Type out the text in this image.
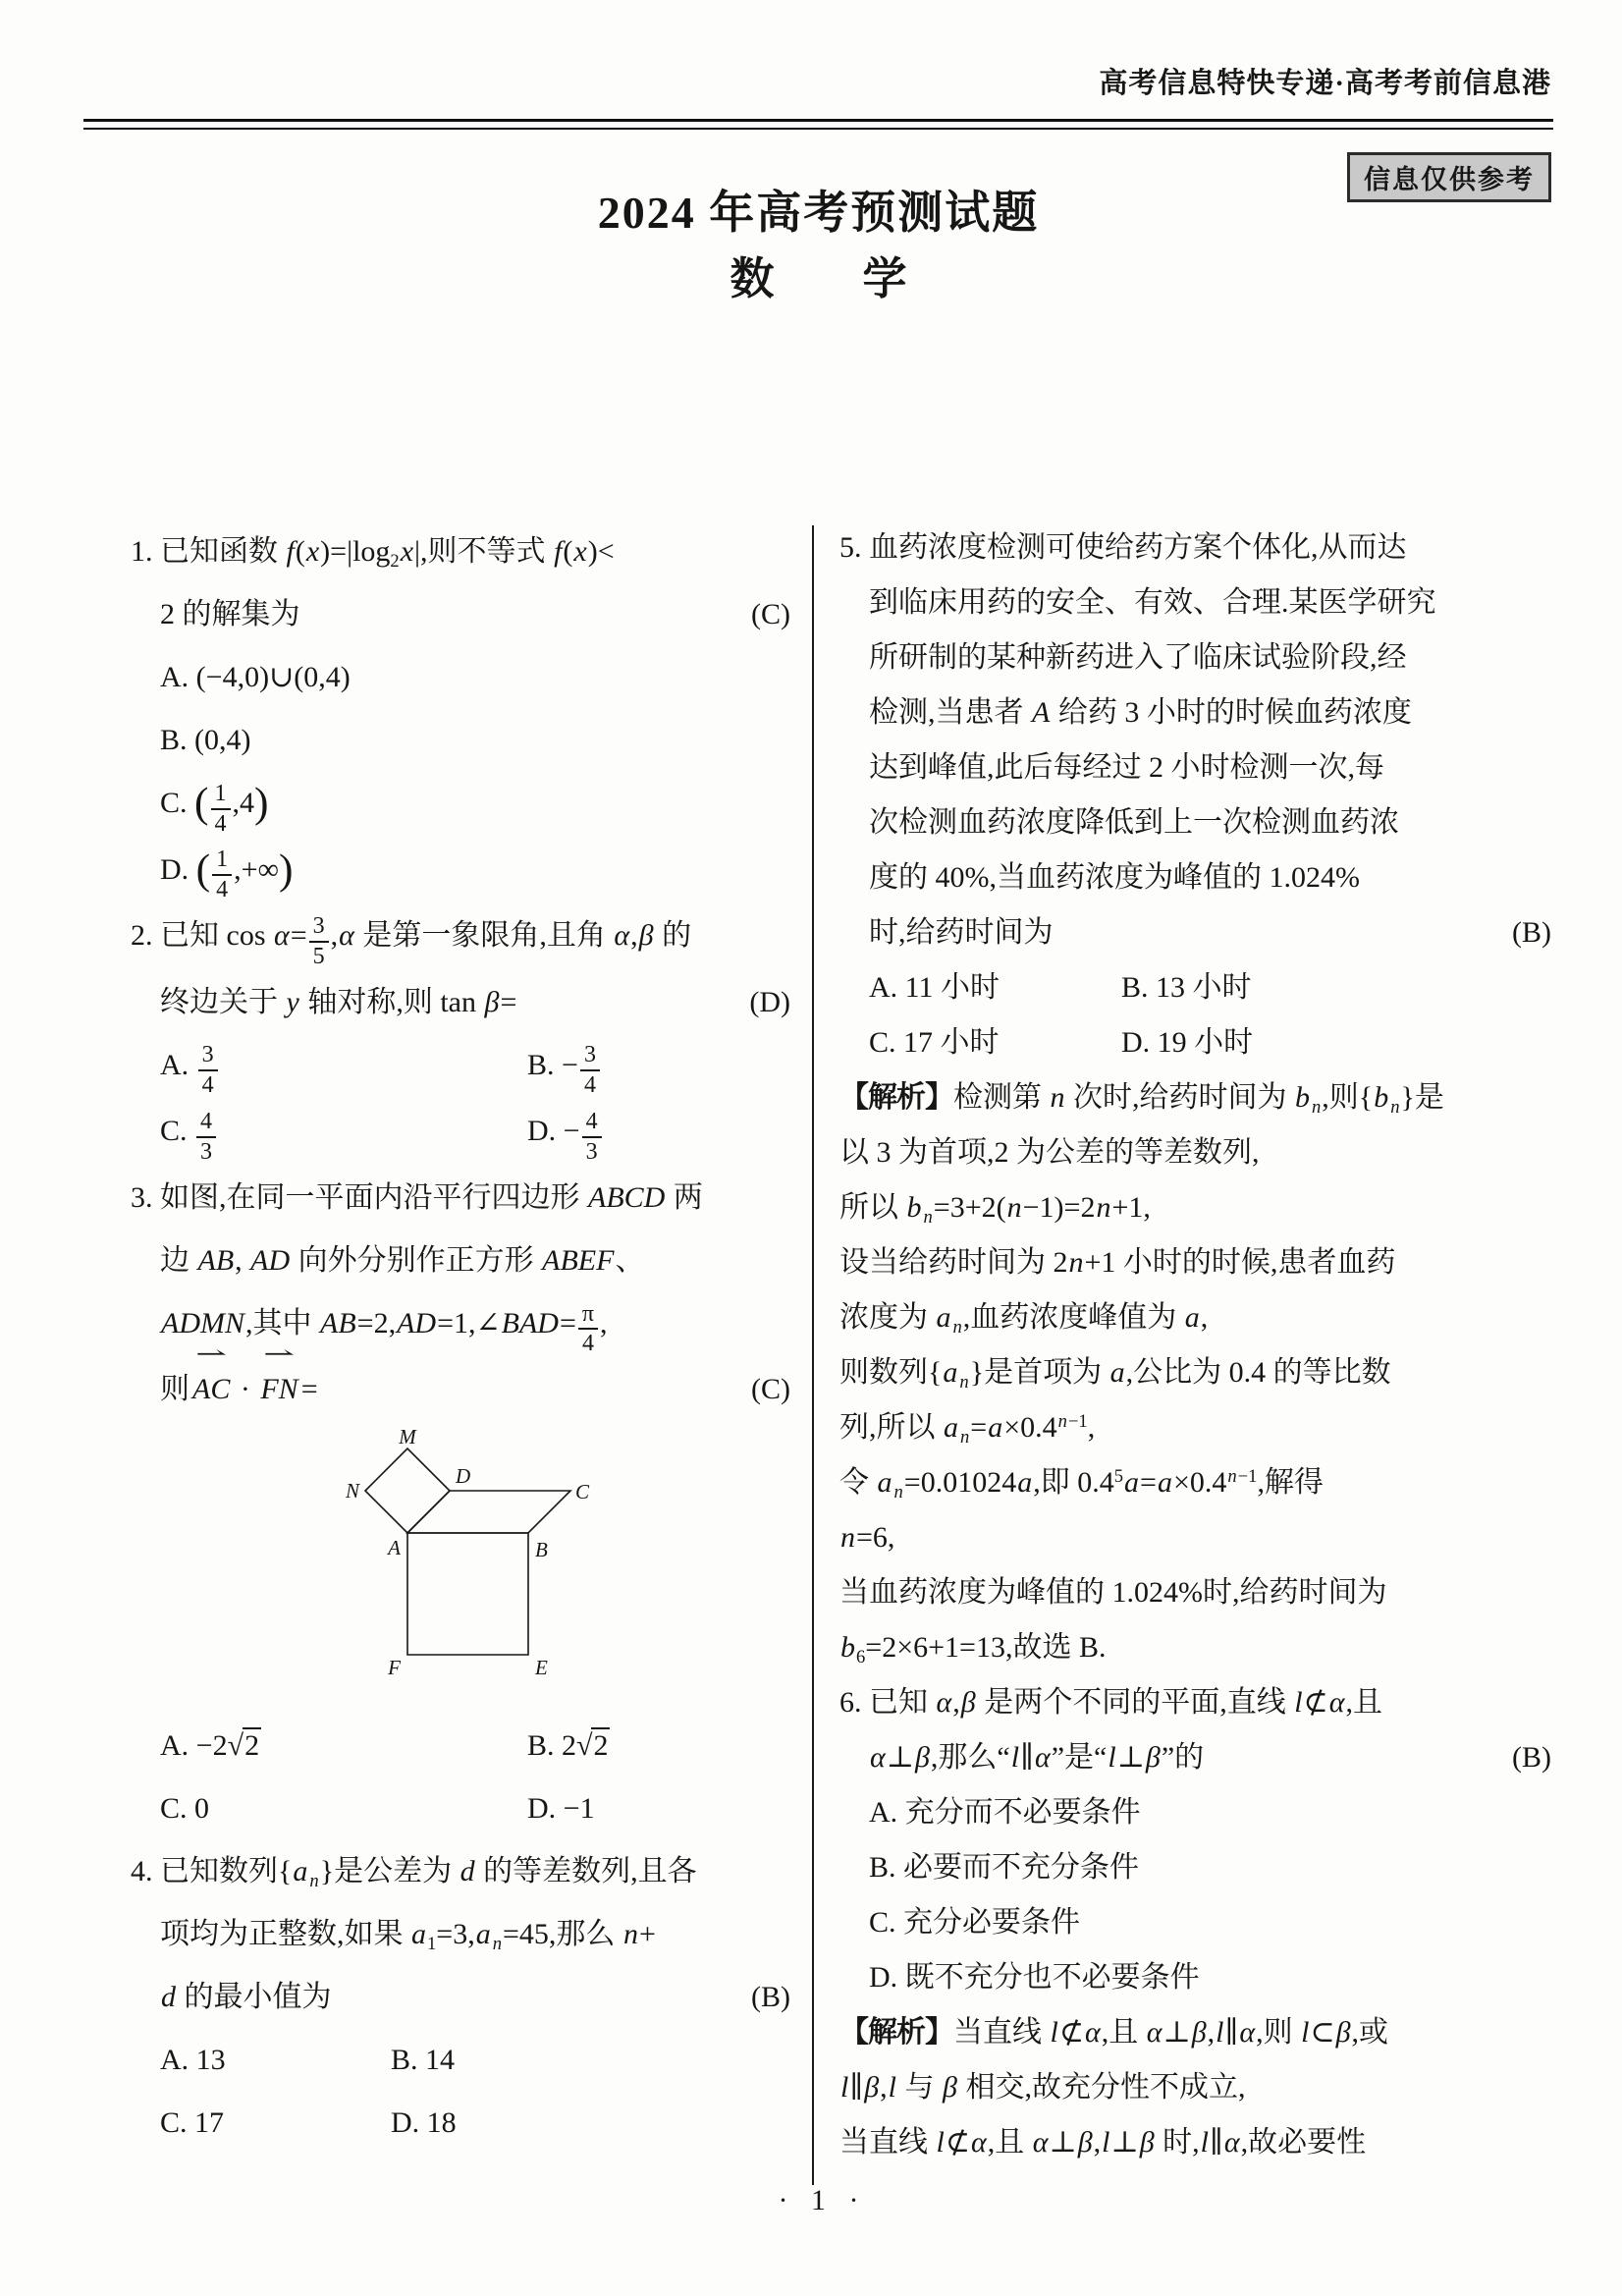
高考信息特快专递·高考考前信息港
信息仅供参考
2024 年高考预测试题
数　　学
1. 已知函数 $f(x)=|\log_2x|$,则不等式 f(x)<
2 的解集为	(C)
A. (−4,0)∪(0,4)
B. (0,4)
C. ( $\frac{1}{4} ,4$)
D. ( $\frac{1}{4}$ ,+∞)
2. 已知 $\cos \alpha= \frac{3}{5} ,\alpha$ 是第一象限角,且角 α,β 的
终边关于 y 轴对称,则 tan β=	(D)
A. $\frac{3}{4}$	B. − $\frac{3}{4}$
C. $\frac{4}{3}$	D. − $\frac{4}{3}$
3. 如图,在同一平面内沿平行四边形 ABCD 两
边 AB, AD 向外分别作正方形 ABEF、
ADMN,其中 AB=2,AD=1,∠BAD= $\frac{\pi}{4}$ ,
则
⇀
AC ·
⇀
FN =	(C)
M
N
D
C
A	B
F	E
A. −2√2	B. 2√2
C. 0	D. −1
4. 已知数列{a $_n$}是公差为 d 的等差数列,且各
项均为正整数,如果 $a_1=3,a$ $_n$=45,那么 n+
d 的最小值为	(B)
A. 13	B. 14
C. 17	D. 18
5. 血药浓度检测可使给药方案个体化,从而达
到临床用药的安全、有效、合理.某医学研究
所研制的某种新药进入了临床试验阶段,经
检测,当患者 A 给药 3 小时的时候血药浓度
达到峰值,此后每经过 2 小时检测一次,每
次检测血药浓度降低到上一次检测血药浓
度的 40%,当血药浓度为峰值的 1.024%
时,给药时间为	(B)
A. 11 小时	B. 13 小时
C. 17 小时	D. 19 小时
【解析】检测第 n 次时,给药时间为 b $_n$,则{b $_n$}是
以 3 为首项,2 为公差的等差数列,
所以 b $_n$=3+2(n−1)=2n+1,
设当给药时间为 2n+1 小时的时候,患者血药
浓度为 a $_n$,血药浓度峰值为 a,
则数列{a $_n$}是首项为 a,公比为 0.4 的等比数
列,所以 a $_n=a\times 0.4^{n-1}$,
令 a $_n$=0.01024a,即 $0.4^5a=a\times 0.4^{n-1}$,解得
n=6,
当血药浓度为峰值的 1.024%时,给药时间为
$b_6=2\times 6+1=13$,故选 B.
6. 已知 α,β 是两个不同的平面,直线 l⊄α,且
α⊥β,那么“l∥α”是“l⊥β”的	(B)
A. 充分而不必要条件
B. 必要而不充分条件
C. 充分必要条件
D. 既不充分也不必要条件
【解析】当直线 l⊄α,且 α⊥β,l∥α,则 l⊂β,或
l∥β,l 与 β 相交,故充分性不成立,
当直线 l⊄α,且 α⊥β,l⊥β 时,l∥α,故必要性
· 1 ·
